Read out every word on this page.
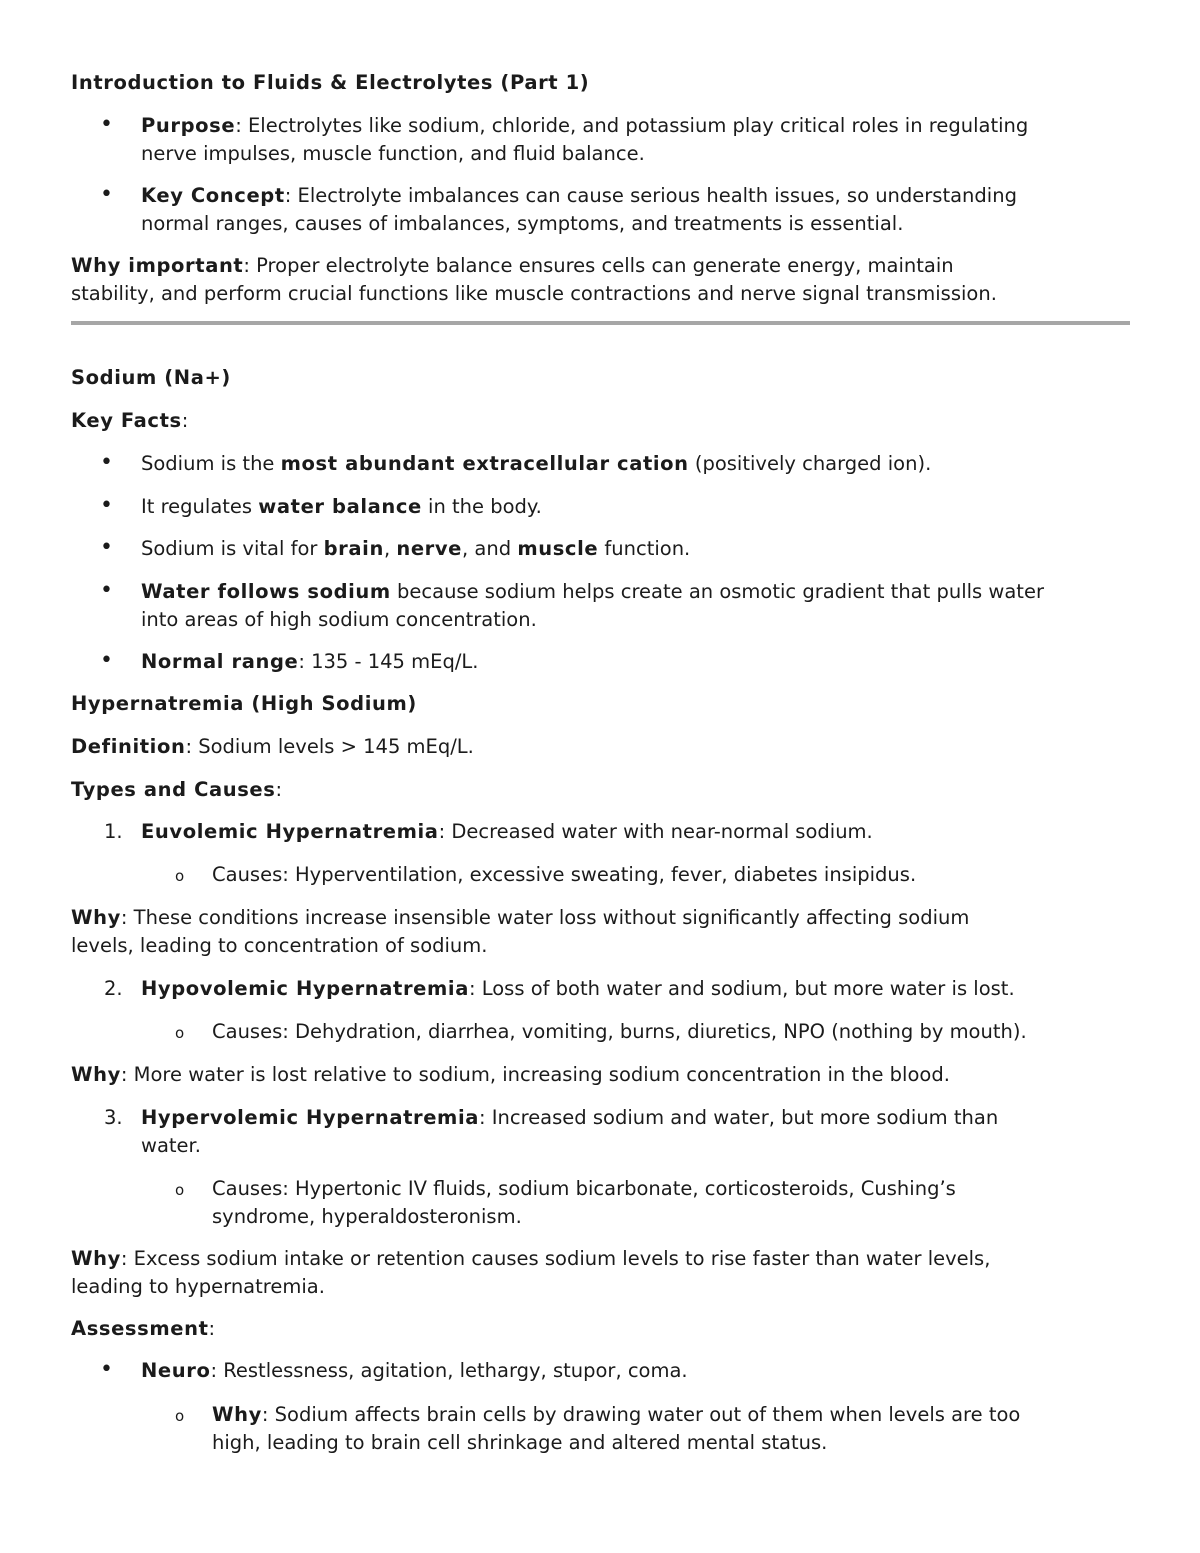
Introduction to Fluids & Electrolytes (Part 1)
• Purpose: Electrolytes like sodium, chloride, and potassium play critical roles in regulating
nerve impulses, muscle function, and fluid balance.
• Key Concept: Electrolyte imbalances can cause serious health issues, so understanding
normal ranges, causes of imbalances, symptoms, and treatments is essential.
Why important: Proper electrolyte balance ensures cells can generate energy, maintain
stability, and perform crucial functions like muscle contractions and nerve signal transmission.
Sodium (Na+)
Key Facts:
• Sodium is the most abundant extracellular cation (positively charged ion).
• It regulates water balance in the body.
• Sodium is vital for brain, nerve, and muscle function.
• Water follows sodium because sodium helps create an osmotic gradient that pulls water
into areas of high sodium concentration.
• Normal range: 135 - 145 mEq/L.
Hypernatremia (High Sodium)
Definition: Sodium levels > 145 mEq/L.
Types and Causes:
1. Euvolemic Hypernatremia: Decreased water with near-normal sodium.
o Causes: Hyperventilation, excessive sweating, fever, diabetes insipidus.
Why: These conditions increase insensible water loss without significantly affecting sodium
levels, leading to concentration of sodium.
2. Hypovolemic Hypernatremia: Loss of both water and sodium, but more water is lost.
o Causes: Dehydration, diarrhea, vomiting, burns, diuretics, NPO (nothing by mouth).
Why: More water is lost relative to sodium, increasing sodium concentration in the blood.
3. Hypervolemic Hypernatremia: Increased sodium and water, but more sodium than
water.
o Causes: Hypertonic IV fluids, sodium bicarbonate, corticosteroids, Cushing’s
syndrome, hyperaldosteronism.
Why: Excess sodium intake or retention causes sodium levels to rise faster than water levels,
leading to hypernatremia.
Assessment:
• Neuro: Restlessness, agitation, lethargy, stupor, coma.
o Why: Sodium affects brain cells by drawing water out of them when levels are too
high, leading to brain cell shrinkage and altered mental status.
